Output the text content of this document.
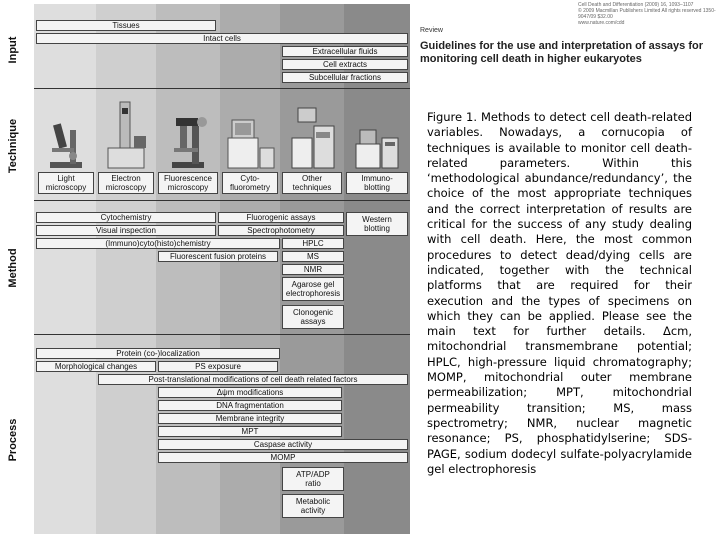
Input
Technique
Method
Process
Tissues
Intact cells
Extracellular fluids
Cell extracts
Subcellular fractions
Light
microscopy
Electron
microscopy
Fluorescence
microscopy
Cyto-
fluorometry
Other
techniques
Immuno-
blotting
Cytochemistry	Fluorogenic assays	Western
blotting
Visual inspection	Spectrophotometry
(Immuno)cyto(histo)chemistry	HPLC
Fluorescent fusion proteins	MS
NMR
Agarose gel
electrophoresis
Clonogenic
assays
Protein (co-)localization
Morphological changes	PS exposure
Post-translational modifications of cell death related factors
Δψm modifications
DNA fragmentation
Membrane integrity
MPT
Caspase activity
MOMP
ATP/ADP
ratio
Metabolic
activity
Cell Death and Differentiation (2009) 16, 1093–1107
© 2009 Macmillan Publishers Limited All rights reserved 1350-9047/09 $32.00
www.nature.com/cdd
Review
Guidelines for the use and interpretation of assays for monitoring cell death in higher eukaryotes
Figure 1. Methods to detect cell death-related variables. Nowadays, a cornucopia of techniques is available to monitor cell death-related parameters. Within this ‘methodological abundance/redundancy’, the choice of the most appropriate techniques and the correct interpretation of results are critical for the success of any study dealing with cell death. Here, the most common procedures to detect dead/dying cells are indicated, together with the technical platforms that are required for their execution and the types of specimens on which they can be applied. Please see the main text for further details. Δcm, mitochondrial transmembrane potential; HPLC, high-pressure liquid chromatography; MOMP, mitochondrial outer membrane permeabilization; MPT, mitochondrial permeability transition; MS, mass spectrometry; NMR, nuclear magnetic resonance; PS, phosphatidylserine; SDS-PAGE, sodium dodecyl sulfate-polyacrylamide gel electrophoresis
